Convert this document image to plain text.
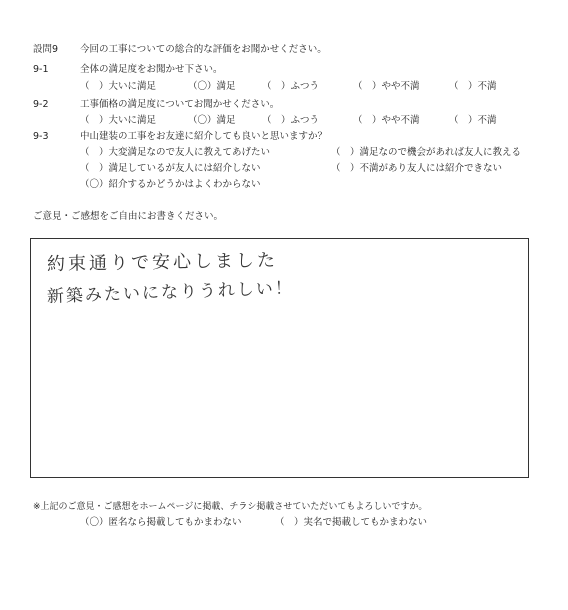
設問9 今回の工事についての総合的な評価をお聞かせください。
9-1	全体の満足度をお聞かせ下さい。
（　）大いに満足	（〇）満足	（　）ふつう	（　）やや不満	（　）不満
9-2	工事価格の満足度についてお聞かせください。
（　）大いに満足	（〇）満足	（　）ふつう	（　）やや不満	（　）不満
9-3	中山建装の工事をお友達に紹介しても良いと思いますか？
（　）大変満足なので友人に教えてあげたい	（　）満足なので機会があれば友人に教える
（　）満足しているが友人には紹介しない	（　）不満があり友人には紹介できない
（〇）紹介するかどうかはよくわからない
ご意見・ご感想をご自由にお書きください。
約束通りで安心しました
新築みたいになりうれしい！
※上記のご意見・ご感想をホームページに掲載、チラシ掲載させていただいてもよろしいですか。
（〇）匿名なら掲載してもかまわない	（　）実名で掲載してもかまわない
